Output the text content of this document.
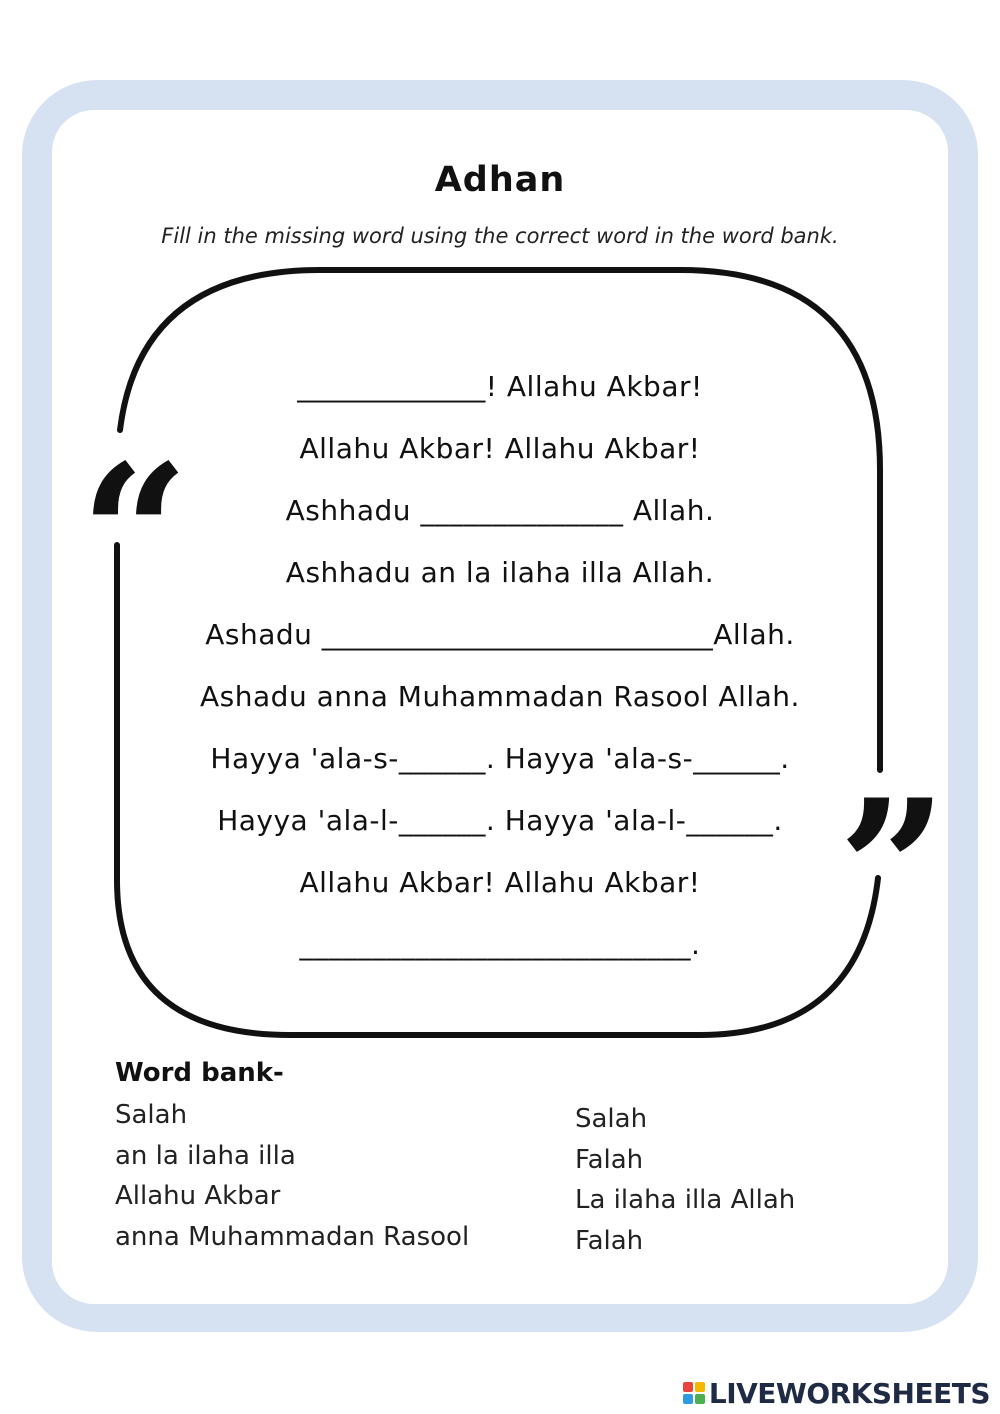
Adhan
Fill in the missing word using the correct word in the word bank.
“
”
_____________! Allahu Akbar!
Allahu Akbar! Allahu Akbar!
Ashhadu ______________ Allah.
Ashhadu an la ilaha illa Allah.
Ashadu ___________________________Allah.
Ashadu anna Muhammadan Rasool Allah.
Hayya 'ala-s-______. Hayya 'ala-s-______.
Hayya 'ala-l-______. Hayya 'ala-l-______.
Allahu Akbar! Allahu Akbar!
___________________________.
Word bank-
Salah
an la ilaha illa
Allahu Akbar
anna Muhammadan Rasool
Salah
Falah
La ilaha illa Allah
Falah
LIVEWORKSHEETS
